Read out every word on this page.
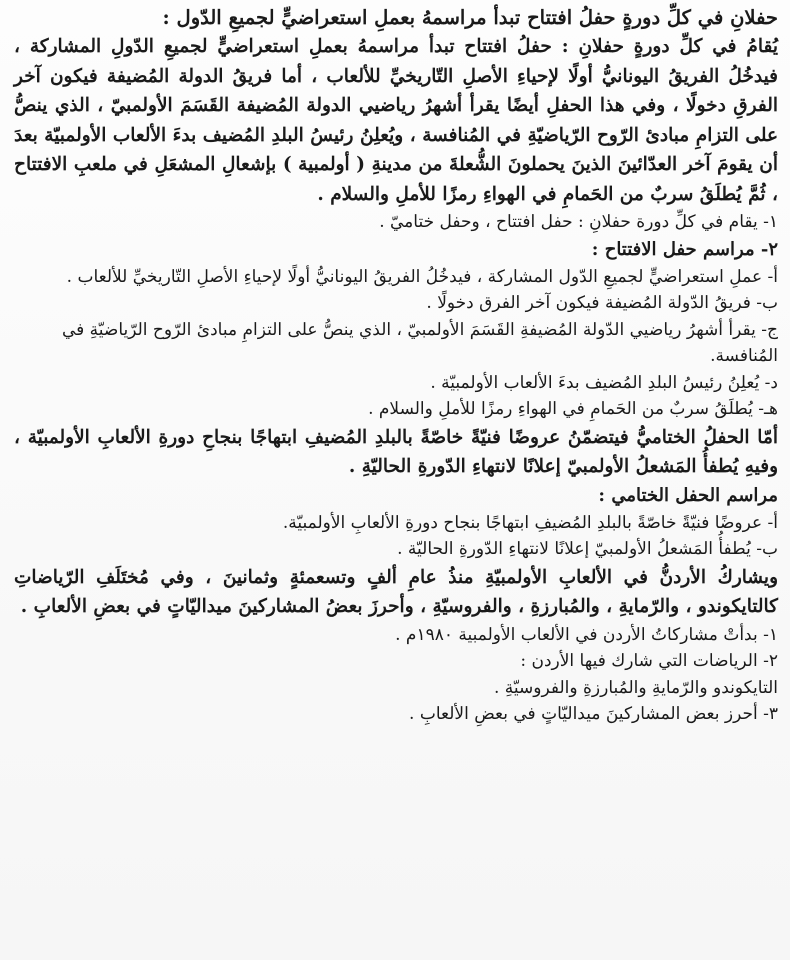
حفلانِ في كلِّ دورةٍ حفلُ افتتاح تبدأ مراسمهُ بعملِ استعراضيٍّ لجميعِ الدّول :

يُقامُ في كلِّ دورةٍ حفلانِ : حفلُ افتتاح تبدأ مراسمهُ بعملِ استعراضيٍّ لجميعِ الدّولِ المشاركة ، فيدخُلُ الفريقُ اليونانيُّ أولًا لإحياءِ الأصلِ التّاريخيِّ للألعاب ، أما فريقُ الدولة المُضيفة فيكون آخر الفرقِ دخولًا ، وفي هذا الحفلِ أيضًا يقرأ أشهرُ رياضيي الدولة المُضيفة القَسَمَ الأولمبيّ ، الذي ينصُّ على التزامِ مبادئ الرّوح الرّياضيّةِ في المُنافسة ، ويُعلِنُ رئيسُ البلدِ المُضيف بدءَ الألعاب الأولمبيّة بعدَ أن يقومَ آخر العدّائينَ الذينَ يحملونَ الشُّعلةَ من مدينةِ ( أولمبية ) بإشعالِ المشعَلِ في ملعبِ الافتتاح ، ثُمَّ يُطلَقُ سربٌ من الحَمامِ في الهواءِ رمزًا للأملِ والسلام .

١- يقام في كلِّ دورة حفلانِ : حفل افتتاح ، وحفل ختاميّ .

٢- مراسم حفل الافتتاح :

أ- عملِ استعراضيٍّ لجميعِ الدّول المشاركة ، فيدخُلُ الفريقُ اليونانيُّ أولًا لإحياءِ الأصلِ التّاريخيِّ للألعاب .

ب- فريقُ الدّولة المُضيفة فيكون آخر الفرق دخولًا .

ج- يقرأ أشهرُ رياضيي الدّولة المُضيفةِ القَسَمَ الأولمبيّ ، الذي ينصُّ على التزامِ مبادئ الرّوح الرّياضيّةِ في المُنافسة.

د- يُعلِنُ رئيسُ البلدِ المُضيف بدءَ الألعاب الأولمبيّة .

هـ- يُطلَقُ سربٌ من الحَمامِ في الهواءِ رمزًا للأملِ والسلام .

أمّا الحفلُ الختاميُّ فيتضمّنُ عروضًا فنيّةً خاصّةً بالبلدِ المُضيفِ ابتهاجًا بنجاحِ دورةِ الألعابِ الأولمبيّة ، وفيهِ يُطفأُ المَشعلُ الأولمبيّ إعلانًا لانتهاءِ الدّورةِ الحاليّةِ .

مراسم الحفل الختامي :

أ- عروضًا فنيّةً خاصّةً بالبلدِ المُضيفِ ابتهاجًا بنجاح دورةِ الألعابِ الأولمبيّة.

ب- يُطفأُ المَشعلُ الأولمبيّ إعلانًا لانتهاءِ الدّورةِ الحاليّة .

ويشاركُ الأردنُّ في الألعابِ الأولمبيّةِ منذُ عامِ ألفٍ وتسعمئةٍ وثمانينَ ، وفي مُختَلَفِ الرّياضاتِ كالتايكوندو ، والرّمايةِ ، والمُبارزةِ ، والفروسيّةِ ، وأحرزَ بعضُ المشاركينَ ميداليّاتٍ في بعضِ الألعابِ .

١- بدأتْ مشاركاتُ الأردن في الألعاب الأولمبية ١٩٨٠م .

٢- الرياضات التي شارك فيها الأردن :

التايكوندو والرّمايةِ والمُبارزةِ والفروسيّةِ .

٣- أحرز بعض المشاركينَ ميداليّاتٍ في بعضِ الألعابِ .
